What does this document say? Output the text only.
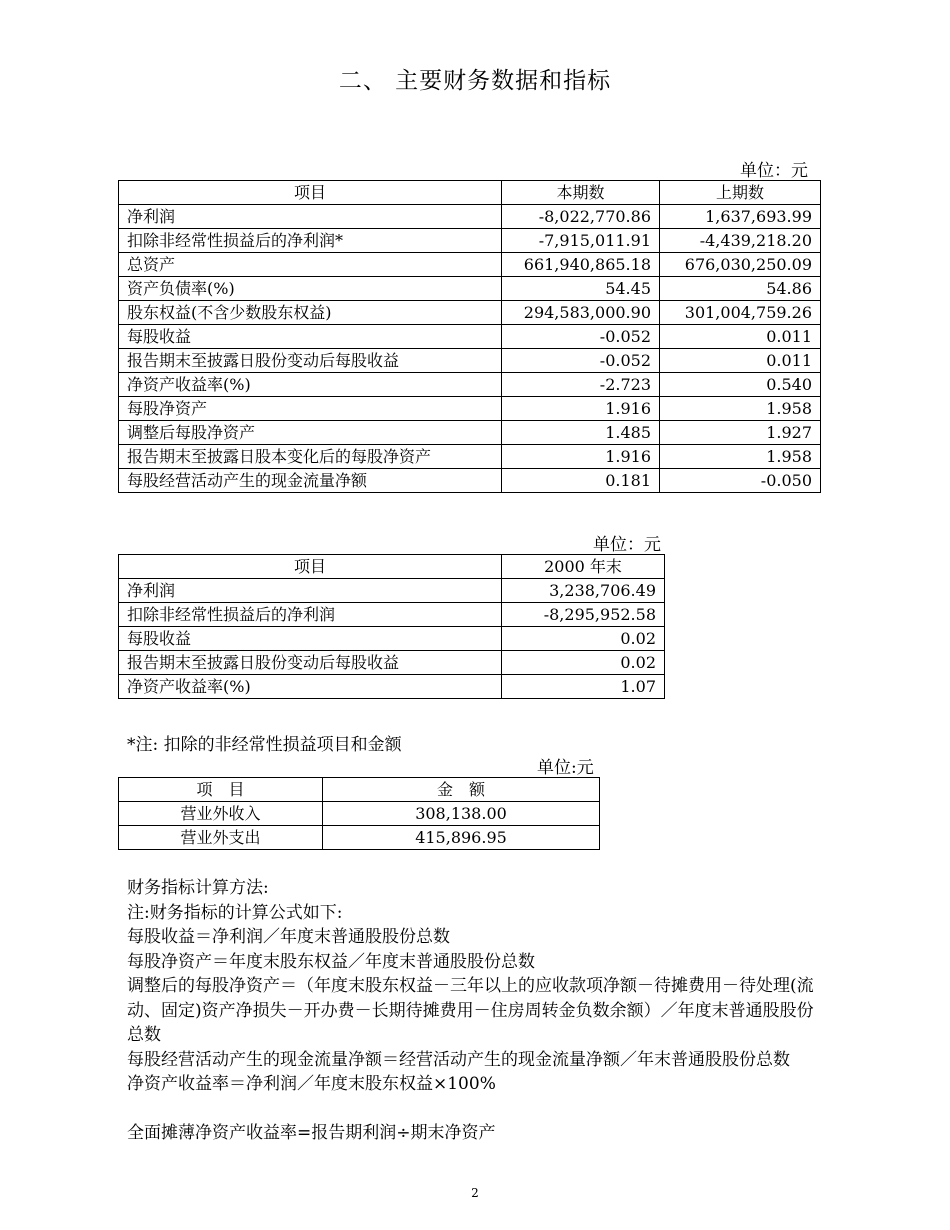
二、 主要财务数据和指标
单位：元
项目	本期数	上期数
净利润	-8,022,770.86	1,637,693.99
扣除非经常性损益后的净利润*	-7,915,011.91	-4,439,218.20
总资产	661,940,865.18	676,030,250.09
资产负债率(%)	54.45	54.86
股东权益(不含少数股东权益)	294,583,000.90	301,004,759.26
每股收益	-0.052	0.011
报告期末至披露日股份变动后每股收益	-0.052	0.011
净资产收益率(%)	-2.723	0.540
每股净资产	1.916	1.958
调整后每股净资产	1.485	1.927
报告期末至披露日股本变化后的每股净资产	1.916	1.958
每股经营活动产生的现金流量净额	0.181	-0.050
单位：元
项目	2000 年末
净利润	3,238,706.49
扣除非经常性损益后的净利润	-8,295,952.58
每股收益	0.02
报告期末至披露日股份变动后每股收益	0.02
净资产收益率(%)	1.07
*注: 扣除的非经常性损益项目和金额
单位:元
项　目	金　额
营业外收入	308,138.00
营业外支出	415,896.95

财务指标计算方法:

注:财务指标的计算公式如下:

每股收益＝净利润／年度末普通股股份总数

每股净资产＝年度末股东权益／年度末普通股股份总数

调整后的每股净资产＝（年度末股东权益－三年以上的应收款项净额－待摊费用－待处理(流动、固定)资产净损失－开办费－长期待摊费用－住房周转金负数余额）／年度末普通股股份总数

每股经营活动产生的现金流量净额＝经营活动产生的现金流量净额／年末普通股股份总数

净资产收益率＝净利润／年度末股东权益×100%

全面摊薄净资产收益率=报告期利润÷期末净资产

2
